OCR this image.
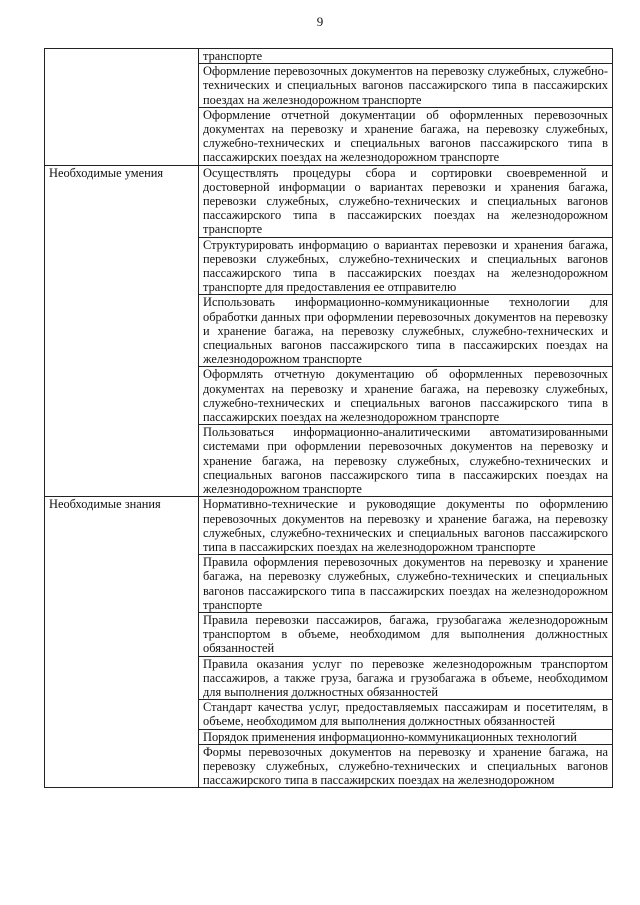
9

	транспорте

	Оформление перевозочных документов на перевозку служебных, служебно-технических и специальных вагонов пассажирского типа в пассажирских поездах на железнодорожном транспорте

	Оформление отчетной документации об оформленных перевозочных документах на перевозку и хранение багажа, на перевозку служебных, служебно-технических и специальных вагонов пассажирского типа в пассажирских поездах на железнодорожном транспорте

Необходимые умения	Осуществлять процедуры сбора и сортировки своевременной и достоверной информации о вариантах перевозки и хранения багажа, перевозки служебных, служебно-технических и специальных вагонов пассажирского типа в пассажирских поездах на железнодорожном транспорте

	Структурировать информацию о вариантах перевозки и хранения багажа, перевозки служебных, служебно-технических и специальных вагонов пассажирского типа в пассажирских поездах на железнодорожном транспорте для предоставления ее отправителю

	Использовать информационно-коммуникационные технологии для обработки данных при оформлении перевозочных документов на перевозку и хранение багажа, на перевозку служебных, служебно-технических и специальных вагонов пассажирского типа в пассажирских поездах на железнодорожном транспорте

	Оформлять отчетную документацию об оформленных перевозочных документах на перевозку и хранение багажа, на перевозку служебных, служебно-технических и специальных вагонов пассажирского типа в пассажирских поездах на железнодорожном транспорте

	Пользоваться информационно-аналитическими автоматизированными системами при оформлении перевозочных документов на перевозку и хранение багажа, на перевозку служебных, служебно-технических и специальных вагонов пассажирского типа в пассажирских поездах на железнодорожном транспорте

Необходимые знания	Нормативно-технические и руководящие документы по оформлению перевозочных документов на перевозку и хранение багажа, на перевозку служебных, служебно-технических и специальных вагонов пассажирского типа в пассажирских поездах на железнодорожном транспорте

	Правила оформления перевозочных документов на перевозку и хранение багажа, на перевозку служебных, служебно-технических и специальных вагонов пассажирского типа в пассажирских поездах на железнодорожном транспорте

	Правила перевозки пассажиров, багажа, грузобагажа железнодорожным транспортом в объеме, необходимом для выполнения должностных обязанностей

	Правила оказания услуг по перевозке железнодорожным транспортом пассажиров, а также груза, багажа и грузобагажа в объеме, необходимом для выполнения должностных обязанностей

	Стандарт качества услуг, предоставляемых пассажирам и посетителям, в объеме, необходимом для выполнения должностных обязанностей

	Порядок применения информационно-коммуникационных технологий

	Формы перевозочных документов на перевозку и хранение багажа, на перевозку служебных, служебно-технических и специальных вагонов пассажирского типа в пассажирских поездах на железнодорожном
